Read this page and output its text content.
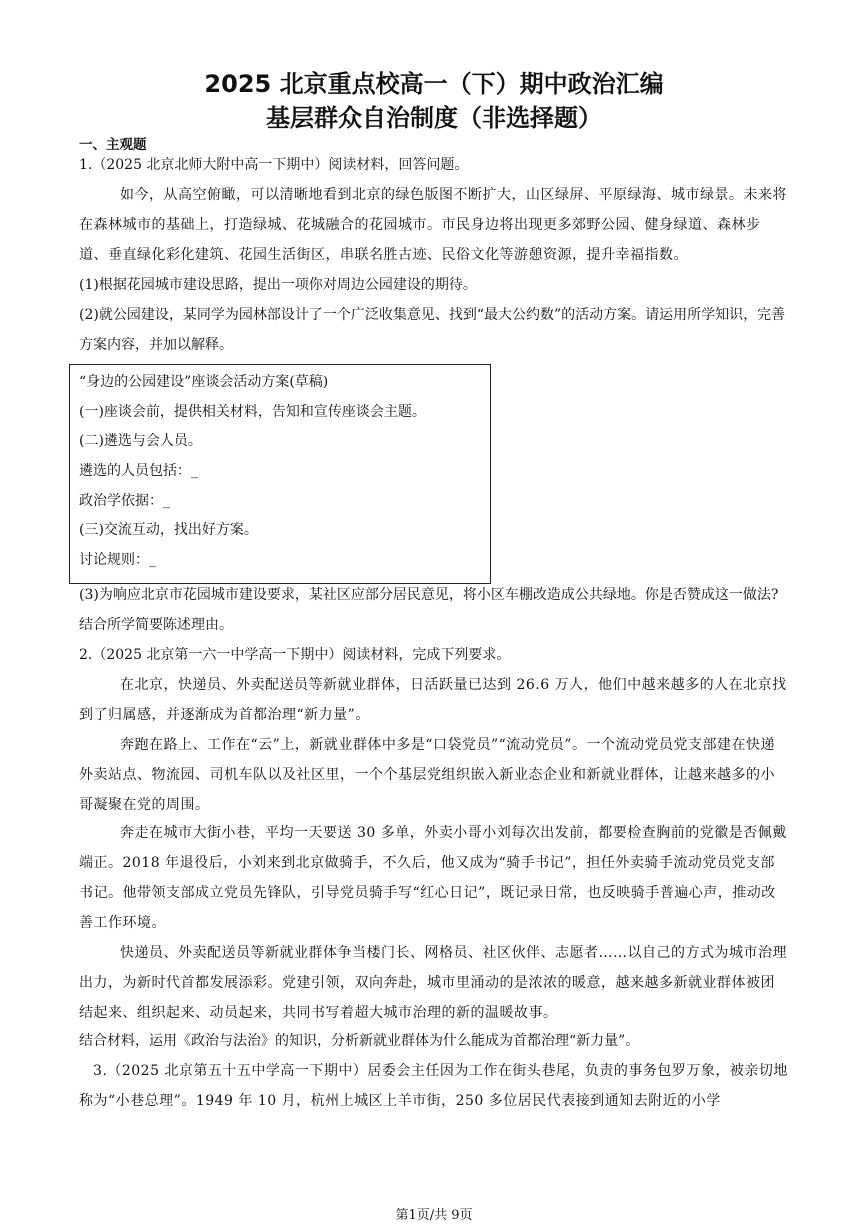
2025 北京重点校高一（下）期中政治汇编
基层群众自治制度（非选择题）
一、主观题

1.（2025 北京北师大附中高一下期中）阅读材料，回答问题。

如今，从高空俯瞰，可以清晰地看到北京的绿色版图不断扩大，山区绿屏、平原绿海、城市绿景。未来将在森林城市的基础上，打造绿城、花城融合的花园城市。市民身边将出现更多郊野公园、健身绿道、森林步道、垂直绿化彩化建筑、花园生活街区，串联名胜古迹、民俗文化等游憩资源，提升幸福指数。

(1)根据花园城市建设思路，提出一项你对周边公园建设的期待。

(2)就公园建设，某同学为园林部设计了一个广泛收集意见、找到“最大公约数”的活动方案。请运用所学知识，完善方案内容，并加以解释。

“身边的公园建设”座谈会活动方案(草稿)

(一)座谈会前，提供相关材料，告知和宣传座谈会主题。

(二)遴选与会人员。

遴选的人员包括：_

政治学依据：_

(三)交流互动，找出好方案。

讨论规则：_

(3)为响应北京市花园城市建设要求，某社区应部分居民意见，将小区车棚改造成公共绿地。你是否赞成这一做法?结合所学简要陈述理由。

2.（2025 北京第一六一中学高一下期中）阅读材料，完成下列要求。

在北京，快递员、外卖配送员等新就业群体，日活跃量已达到 26.6 万人，他们中越来越多的人在北京找到了归属感，并逐渐成为首都治理“新力量”。

奔跑在路上、工作在“云”上，新就业群体中多是“口袋党员”“流动党员”。一个流动党员党支部建在快递外卖站点、物流园、司机车队以及社区里，一个个基层党组织嵌入新业态企业和新就业群体，让越来越多的小哥凝聚在党的周围。

奔走在城市大街小巷，平均一天要送 30 多单，外卖小哥小刘每次出发前，都要检查胸前的党徽是否佩戴端正。2018 年退役后，小刘来到北京做骑手，不久后，他又成为“骑手书记”，担任外卖骑手流动党员党支部书记。他带领支部成立党员先锋队，引导党员骑手写“红心日记”，既记录日常，也反映骑手普遍心声，推动改善工作环境。

快递员、外卖配送员等新就业群体争当楼门长、网格员、社区伙伴、志愿者……以自己的方式为城市治理出力，为新时代首都发展添彩。党建引领，双向奔赴，城市里涌动的是浓浓的暖意，越来越多新就业群体被团结起来、组织起来、动员起来，共同书写着超大城市治理的新的温暖故事。

结合材料，运用《政治与法治》的知识，分析新就业群体为什么能成为首都治理“新力量”。

3.（2025 北京第五十五中学高一下期中）居委会主任因为工作在街头巷尾，负责的事务包罗万象，被亲切地称为“小巷总理”。1949 年 10 月，杭州上城区上羊市街，250 多位居民代表接到通知去附近的小学

第1页/共 9页
